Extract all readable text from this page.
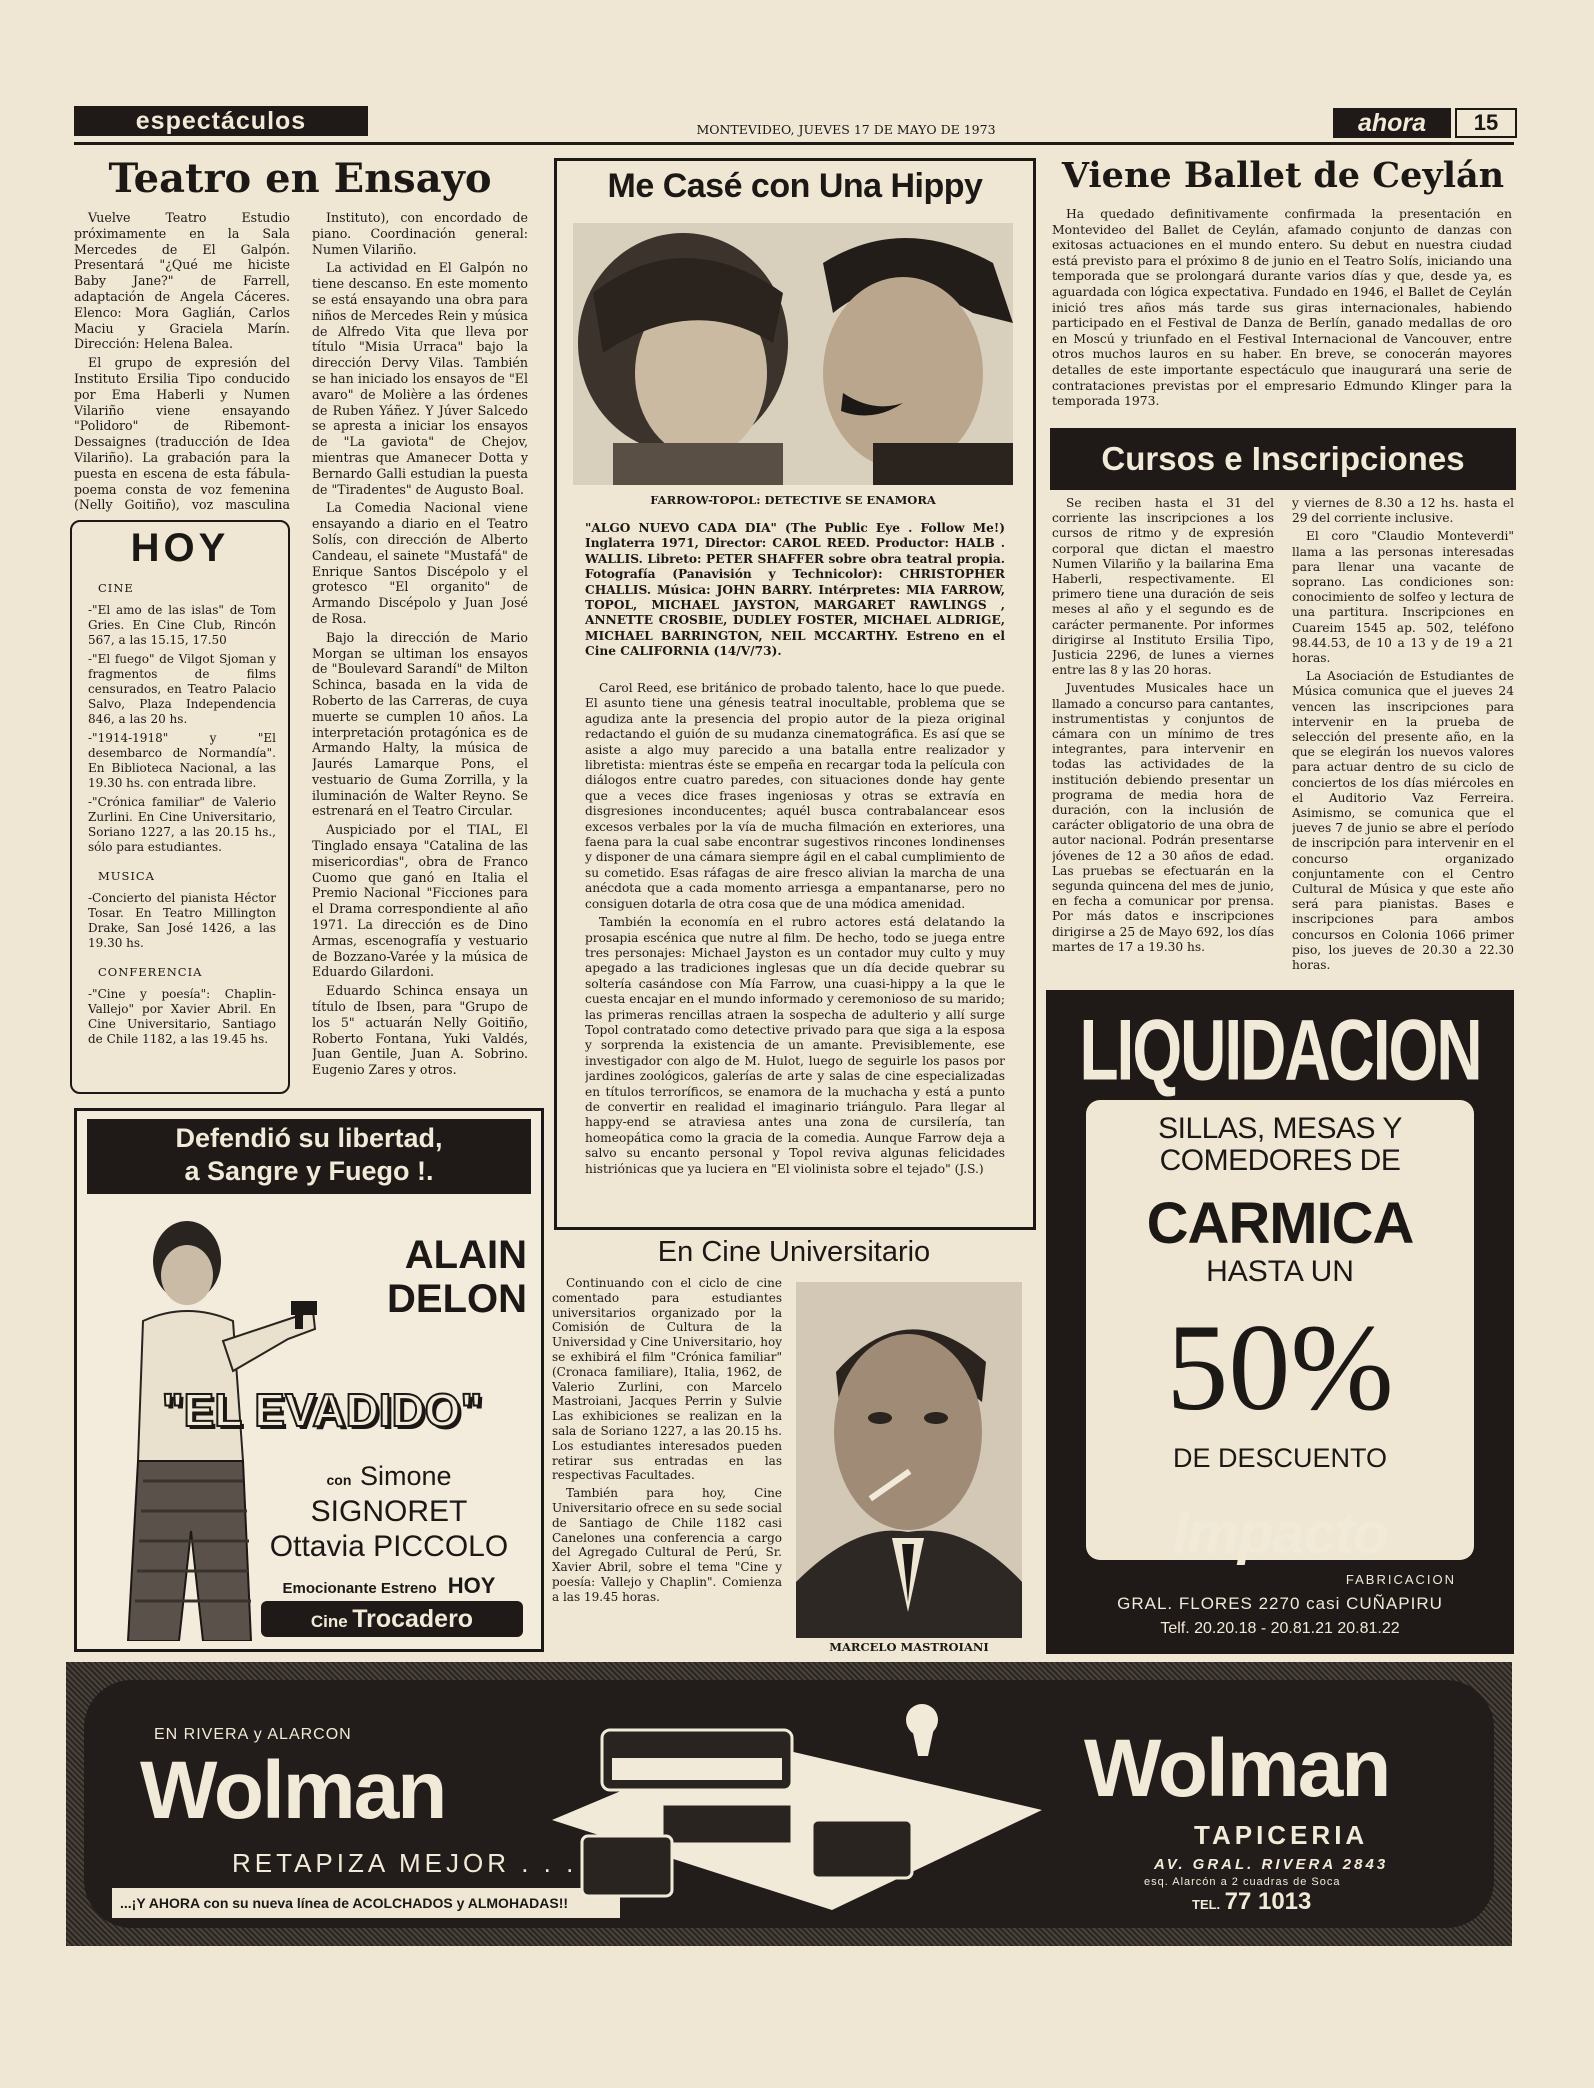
espectáculos	MONTEVIDEO, JUEVES 17 DE MAYO DE 1973	ahora	15
Teatro en Ensayo

Vuelve Teatro Estudio próximamente en la Sala Mercedes de El Galpón. Presentará "¿Qué me hiciste Baby Jane?" de Farrell, adaptación de Angela Cáceres. Elenco: Mora Gaglián, Carlos Maciu y Graciela Marín. Dirección: Helena Balea.

El grupo de expresión del Instituto Ersilia Tipo conducido por Ema Haberli y Numen Vilariño viene ensayando "Polidoro" de Ribemont-Dessaignes (traducción de Idea Vilariño). La grabación para la puesta en escena de esta fábula-poema consta de voz femenina (Nelly Goitiño), voz masculina

Instituto), con encordado de piano. Coordinación general: Numen Vilariño.

La actividad en El Galpón no tiene descanso. En este momento se está ensayando una obra para niños de Mercedes Rein y música de Alfredo Vita que lleva por título "Misia Urraca" bajo la dirección Dervy Vilas. También se han iniciado los ensayos de "El avaro" de Molière a las órdenes de Ruben Yáñez. Y Júver Salcedo se apresta a iniciar los ensayos de "La gaviota" de Chejov, mientras que Amanecer Dotta y Bernardo Galli estudian la puesta de "Tiradentes" de Augusto Boal.

La Comedia Nacional viene ensayando a diario en el Teatro Solís, con dirección de Alberto Candeau, el sainete "Mustafá" de Enrique Santos Discépolo y el grotesco "El organito" de Armando Discépolo y Juan José de Rosa.

Bajo la dirección de Mario Morgan se ultiman los ensayos de "Boulevard Sarandí" de Milton Schinca, basada en la vida de Roberto de las Carreras, de cuya muerte se cumplen 10 años. La interpretación protagónica es de Armando Halty, la música de Jaurés Lamarque Pons, el vestuario de Guma Zorrilla, y la iluminación de Walter Reyno. Se estrenará en el Teatro Circular.

Auspiciado por el TIAL, El Tinglado ensaya "Catalina de las misericordias", obra de Franco Cuomo que ganó en Italia el Premio Nacional "Ficciones para el Drama correspondiente al año 1971. La dirección es de Dino Armas, escenografía y vestuario de Bozzano-Varée y la música de Eduardo Gilardoni.

Eduardo Schinca ensaya un título de Ibsen, para "Grupo de los 5" actuarán Nelly Goitiño, Roberto Fontana, Yuki Valdés, Juan Gentile, Juan A. Sobrino. Eugenio Zares y otros.

HOY
CINE
-"El amo de las islas" de Tom Gries. En Cine Club, Rincón 567, a las 15.15, 17.50
-"El fuego" de Vilgot Sjoman y fragmentos de films censurados, en Teatro Palacio Salvo, Plaza Independencia 846, a las 20 hs.
-"1914-1918" y "El desembarco de Normandía". En Biblioteca Nacional, a las 19.30 hs. con entrada libre.
-"Crónica familiar" de Valerio Zurlini. En Cine Universitario, Soriano 1227, a las 20.15 hs., sólo para estudiantes.
MUSICA
-Concierto del pianista Héctor Tosar. En Teatro Millington Drake, San José 1426, a las 19.30 hs.
CONFERENCIA
-"Cine y poesía": Chaplin-Vallejo" por Xavier Abril. En Cine Universitario, Santiago de Chile 1182, a las 19.45 hs.
Defendió su libertad,
a Sangre y Fuego !.
ALAIN
DELON
"EL EVADIDO"
con Simone
SIGNORET
Ottavia PICCOLO
Emocionante Estreno HOY
Cine Trocadero
Me Casé con Una Hippy
FARROW-TOPOL: DETECTIVE SE ENAMORA
"ALGO NUEVO CADA DIA" (The Public Eye . Follow Me!) Inglaterra 1971, Director: CAROL REED. Productor: HALB . WALLIS. Libreto: PETER SHAFFER sobre obra teatral propia. Fotografía (Panavisión y Technicolor): CHRISTOPHER CHALLIS. Música: JOHN BARRY. Intérpretes: MIA FARROW, TOPOL, MICHAEL JAYSTON, MARGARET RAWLINGS , ANNETTE CROSBIE, DUDLEY FOSTER, MICHAEL ALDRIGE, MICHAEL BARRINGTON, NEIL MCCARTHY. Estreno en el Cine CALIFORNIA (14/V/73).

Carol Reed, ese británico de probado talento, hace lo que puede. El asunto tiene una génesis teatral inocultable, problema que se agudiza ante la presencia del propio autor de la pieza original redactando el guión de su mudanza cinematográfica. Es así que se asiste a algo muy parecido a una batalla entre realizador y libretista: mientras éste se empeña en recargar toda la película con diálogos entre cuatro paredes, con situaciones donde hay gente que a veces dice frases ingeniosas y otras se extravía en disgresiones inconducentes; aquél busca contrabalancear esos excesos verbales por la vía de mucha filmación en exteriores, una faena para la cual sabe encontrar sugestivos rincones londinenses y disponer de una cámara siempre ágil en el cabal cumplimiento de su cometido. Esas ráfagas de aire fresco alivian la marcha de una anécdota que a cada momento arriesga a empantanarse, pero no consiguen dotarla de otra cosa que de una módica amenidad.

También la economía en el rubro actores está delatando la prosapia escénica que nutre al film. De hecho, todo se juega entre tres personajes: Michael Jayston es un contador muy culto y muy apegado a las tradiciones inglesas que un día decide quebrar su soltería casándose con Mía Farrow, una cuasi-hippy a la que le cuesta encajar en el mundo informado y ceremonioso de su marido; las primeras rencillas atraen la sospecha de adulterio y allí surge Topol contratado como detective privado para que siga a la esposa y sorprenda la existencia de un amante. Previsiblemente, ese investigador con algo de M. Hulot, luego de seguirle los pasos por jardines zoológicos, galerías de arte y salas de cine especializadas en títulos terroríficos, se enamora de la muchacha y está a punto de convertir en realidad el imaginario triángulo. Para llegar al happy-end se atraviesa antes una zona de cursilería, tan homeopática como la gracia de la comedia. Aunque Farrow deja a salvo su encanto personal y Topol reviva algunas felicidades histriónicas que ya luciera en "El violinista sobre el tejado" (J.S.)

En Cine Universitario

Continuando con el ciclo de cine comentado para estudiantes universitarios organizado por la Comisión de Cultura de la Universidad y Cine Universitario, hoy se exhibirá el film "Crónica familiar" (Cronaca familiare), Italia, 1962, de Valerio Zurlini, con Marcelo Mastroiani, Jacques Perrin y Sulvie Las exhibiciones se realizan en la sala de Soriano 1227, a las 20.15 hs. Los estudiantes interesados pueden retirar sus entradas en las respectivas Facultades.

También para hoy, Cine Universitario ofrece en su sede social de Santiago de Chile 1182 casi Canelones una conferencia a cargo del Agregado Cultural de Perú, Sr. Xavier Abril, sobre el tema "Cine y poesía: Vallejo y Chaplin". Comienza a las 19.45 horas.

MARCELO MASTROIANI
Viene Ballet de Ceylán
Ha quedado definitivamente confirmada la presentación en Montevideo del Ballet de Ceylán, afamado conjunto de danzas con exitosas actuaciones en el mundo entero. Su debut en nuestra ciudad está previsto para el próximo 8 de junio en el Teatro Solís, iniciando una temporada que se prolongará durante varios días y que, desde ya, es aguardada con lógica expectativa. Fundado en 1946, el Ballet de Ceylán inició tres años más tarde sus giras internacionales, habiendo participado en el Festival de Danza de Berlín, ganado medallas de oro en Moscú y triunfado en el Festival Internacional de Vancouver, entre otros muchos lauros en su haber. En breve, se conocerán mayores detalles de este importante espectáculo que inaugurará una serie de contrataciones previstas por el empresario Edmundo Klinger para la temporada 1973.
Cursos e Inscripciones

Se reciben hasta el 31 del corriente las inscripciones a los cursos de ritmo y de expresión corporal que dictan el maestro Numen Vilariño y la bailarina Ema Haberli, respectivamente. El primero tiene una duración de seis meses al año y el segundo es de carácter permanente. Por informes dirigirse al Instituto Ersilia Tipo, Justicia 2296, de lunes a viernes entre las 8 y las 20 horas.

Juventudes Musicales hace un llamado a concurso para cantantes, instrumentistas y conjuntos de cámara con un mínimo de tres integrantes, para intervenir en todas las actividades de la institución debiendo presentar un programa de media hora de duración, con la inclusión de carácter obligatorio de una obra de autor nacional. Podrán presentarse jóvenes de 12 a 30 años de edad. Las pruebas se efectuarán en la segunda quincena del mes de junio, en fecha a comunicar por prensa. Por más datos e inscripciones dirigirse a 25 de Mayo 692, los días martes de 17 a 19.30 hs.

y viernes de 8.30 a 12 hs. hasta el 29 del corriente inclusive.

El coro "Claudio Monteverdi" llama a las personas interesadas para llenar una vacante de soprano. Las condiciones son: conocimiento de solfeo y lectura de una partitura. Inscripciones en Cuareim 1545 ap. 502, teléfono 98.44.53, de 10 a 13 y de 19 a 21 horas.

La Asociación de Estudiantes de Música comunica que el jueves 24 vencen las inscripciones para intervenir en la prueba de selección del presente año, en la que se elegirán los nuevos valores para actuar dentro de su ciclo de conciertos de los días miércoles en el Auditorio Vaz Ferreira. Asimismo, se comunica que el jueves 7 de junio se abre el período de inscripción para intervenir en el concurso organizado conjuntamente con el Centro Cultural de Música y que este año será para pianistas. Bases e inscripciones para ambos concursos en Colonia 1066 primer piso, los jueves de 20.30 a 22.30 horas.

LIQUIDACION
SILLAS, MESAS Y
COMEDORES DE
CARMICA
HASTA UN
50%
DE DESCUENTO
Impacto
FABRICACION
GRAL. FLORES 2270 casi CUÑAPIRU
Telf. 20.20.18 - 20.81.21 20.81.22
EN RIVERA y ALARCON
Wolman
RETAPIZA MEJOR . . .
...¡Y AHORA con su nueva línea de ACOLCHADOS y ALMOHADAS!!
Wolman
TAPICERIA
AV. GRAL. RIVERA 2843
esq. Alarcón a 2 cuadras de Soca
TEL. 77 1013
